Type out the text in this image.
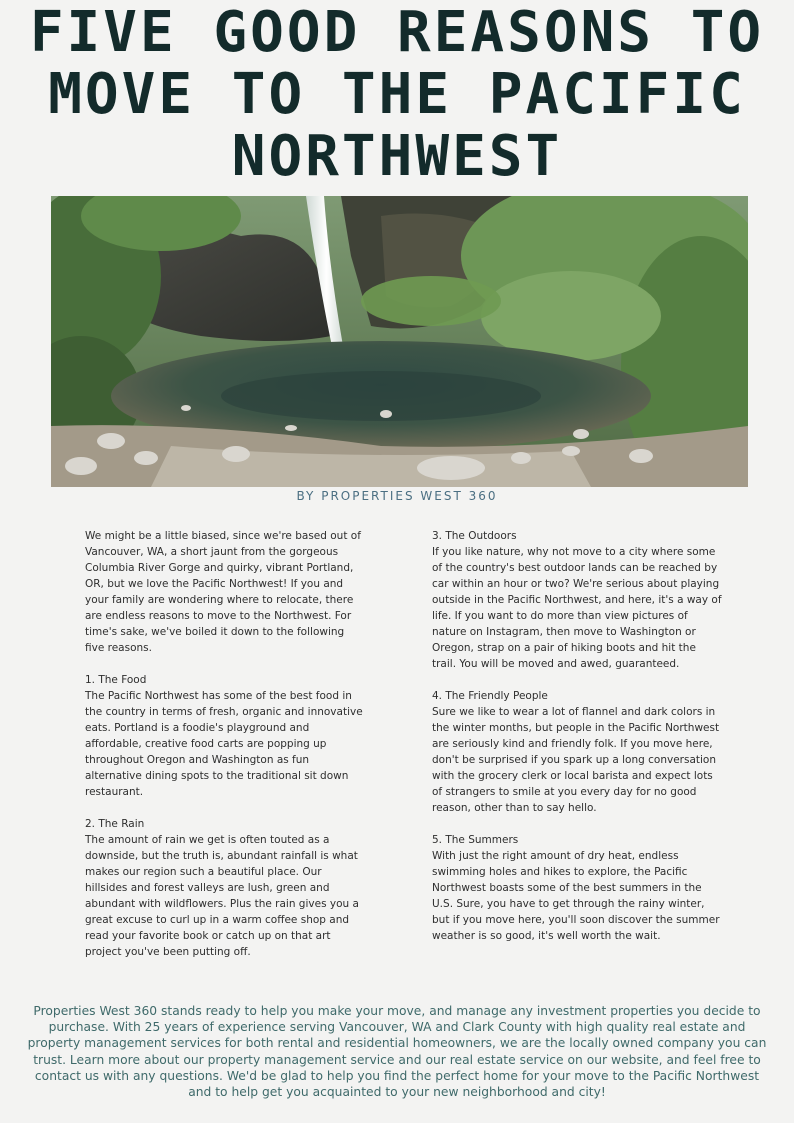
FIVE GOOD REASONS TO
MOVE TO THE PACIFIC
NORTHWEST
BY PROPERTIES WEST 360

We might be a little biased, since we're based out of Vancouver, WA, a short jaunt from the gorgeous Columbia River Gorge and quirky, vibrant Portland, OR, but we love the Pacific Northwest! If you and your family are wondering where to relocate, there are endless reasons to move to the Northwest. For time's sake, we've boiled it down to the following five reasons.

1. The Food
The Pacific Northwest has some of the best food in the country in terms of fresh, organic and innovative eats. Portland is a foodie's playground and affordable, creative food carts are popping up throughout Oregon and Washington as fun alternative dining spots to the traditional sit down restaurant.

2. The Rain
The amount of rain we get is often touted as a downside, but the truth is, abundant rainfall is what makes our region such a beautiful place. Our hillsides and forest valleys are lush, green and abundant with wildflowers. Plus the rain gives you a great excuse to curl up in a warm coffee shop and read your favorite book or catch up on that art project you've been putting off.

3. The Outdoors
If you like nature, why not move to a city where some of the country's best outdoor lands can be reached by car within an hour or two? We're serious about playing outside in the Pacific Northwest, and here, it's a way of life. If you want to do more than view pictures of nature on Instagram, then move to Washington or Oregon, strap on a pair of hiking boots and hit the trail. You will be moved and awed, guaranteed.

4. The Friendly People
Sure we like to wear a lot of flannel and dark colors in the winter months, but people in the Pacific Northwest are seriously kind and friendly folk. If you move here, don't be surprised if you spark up a long conversation with the grocery clerk or local barista and expect lots of strangers to smile at you every day for no good reason, other than to say hello.

5. The Summers
With just the right amount of dry heat, endless swimming holes and hikes to explore, the Pacific Northwest boasts some of the best summers in the U.S. Sure, you have to get through the rainy winter, but if you move here, you'll soon discover the summer weather is so good, it's well worth the wait.

Properties West 360 stands ready to help you make your move, and manage any investment properties you decide to purchase. With 25 years of experience serving Vancouver, WA and Clark County with high quality real estate and property management services for both rental and residential homeowners, we are the locally owned company you can trust. Learn more about our property management service and our real estate service on our website, and feel free to contact us with any questions. We'd be glad to help you find the perfect home for your move to the Pacific Northwest and to help get you acquainted to your new neighborhood and city!
